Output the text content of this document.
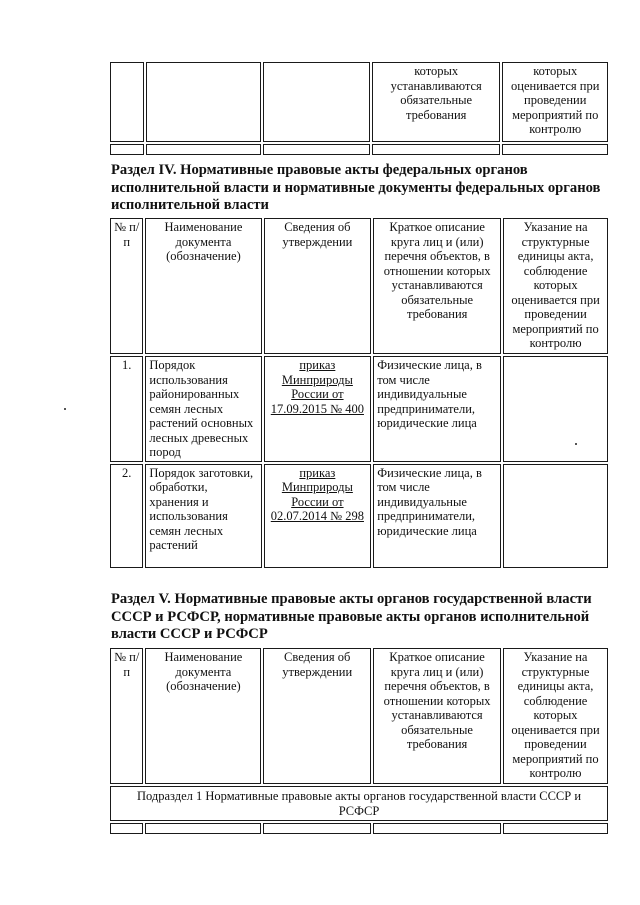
			которых устанавливаются обязательные требования	которых оценивается при проведении мероприятий по контролю

Раздел IV. Нормативные правовые акты федеральных органов исполнительной власти и нормативные документы федеральных органов исполнительной власти
№ п/п	Наименование документа (обозначение)	Сведения об утверждении	Краткое описание круга лиц и (или) перечня объектов, в отношении которых устанавливаются обязательные требования	Указание на структурные единицы акта, соблюдение которых оценивается при проведении мероприятий по контролю
1.	Порядок использования районированных семян лесных растений основных лесных древесных пород	приказ Минприроды России от 17.09.2015 № 400	Физические лица, в том числе индивидуальные предприниматели, юридические лица	
2.	Порядок заготовки, обработки, хранения и использования семян лесных растений	приказ Минприроды России от 02.07.2014 № 298	Физические лица, в том числе индивидуальные предприниматели, юридические лица	
Раздел V. Нормативные правовые акты органов государственной власти СССР и РСФСР, нормативные правовые акты органов исполнительной власти СССР и РСФСР
№ п/п	Наименование документа (обозначение)	Сведения об утверждении	Краткое описание круга лиц и (или) перечня объектов, в отношении которых устанавливаются обязательные требования	Указание на структурные единицы акта, соблюдение которых оценивается при проведении мероприятий по контролю
Подраздел 1 Нормативные правовые акты органов государственной власти СССР и РСФСР				
